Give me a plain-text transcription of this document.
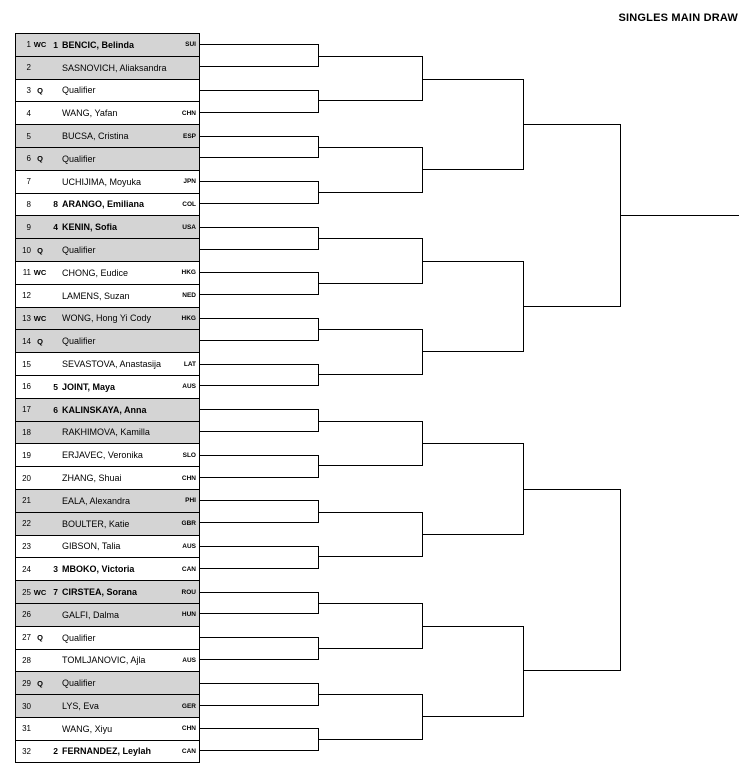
SINGLES MAIN DRAW
1 WC 1 BENCIC, Belinda	SUI
2	SASNOVICH, Aliaksandra
3 Q	Qualifier
4	WANG, Yafan	CHN
5	BUCSA, Cristina	ESP
6 Q	Qualifier
7	UCHIJIMA, Moyuka	JPN
8	8 ARANGO, Emiliana	COL
9	4 KENIN, Sofia	USA
10 Q	Qualifier
11 WC	CHONG, Eudice	HKG
12	LAMENS, Suzan	NED
13 WC	WONG, Hong Yi Cody	HKG
14 Q	Qualifier
15	SEVASTOVA, Anastasija	LAT
16	5 JOINT, Maya	AUS
17	6 KALINSKAYA, Anna
18	RAKHIMOVA, Kamilla
19	ERJAVEC, Veronika	SLO
20	ZHANG, Shuai	CHN
21	EALA, Alexandra	PHI
22	BOULTER, Katie	GBR
23	GIBSON, Talia	AUS
24	3 MBOKO, Victoria	CAN
25 WC 7 CIRSTEA, Sorana	ROU
26	GALFI, Dalma	HUN
27 Q	Qualifier
28	TOMLJANOVIC, Ajla	AUS
29 Q	Qualifier
30	LYS, Eva	GER
31	WANG, Xiyu	CHN
32	2 FERNANDEZ, Leylah	CAN
